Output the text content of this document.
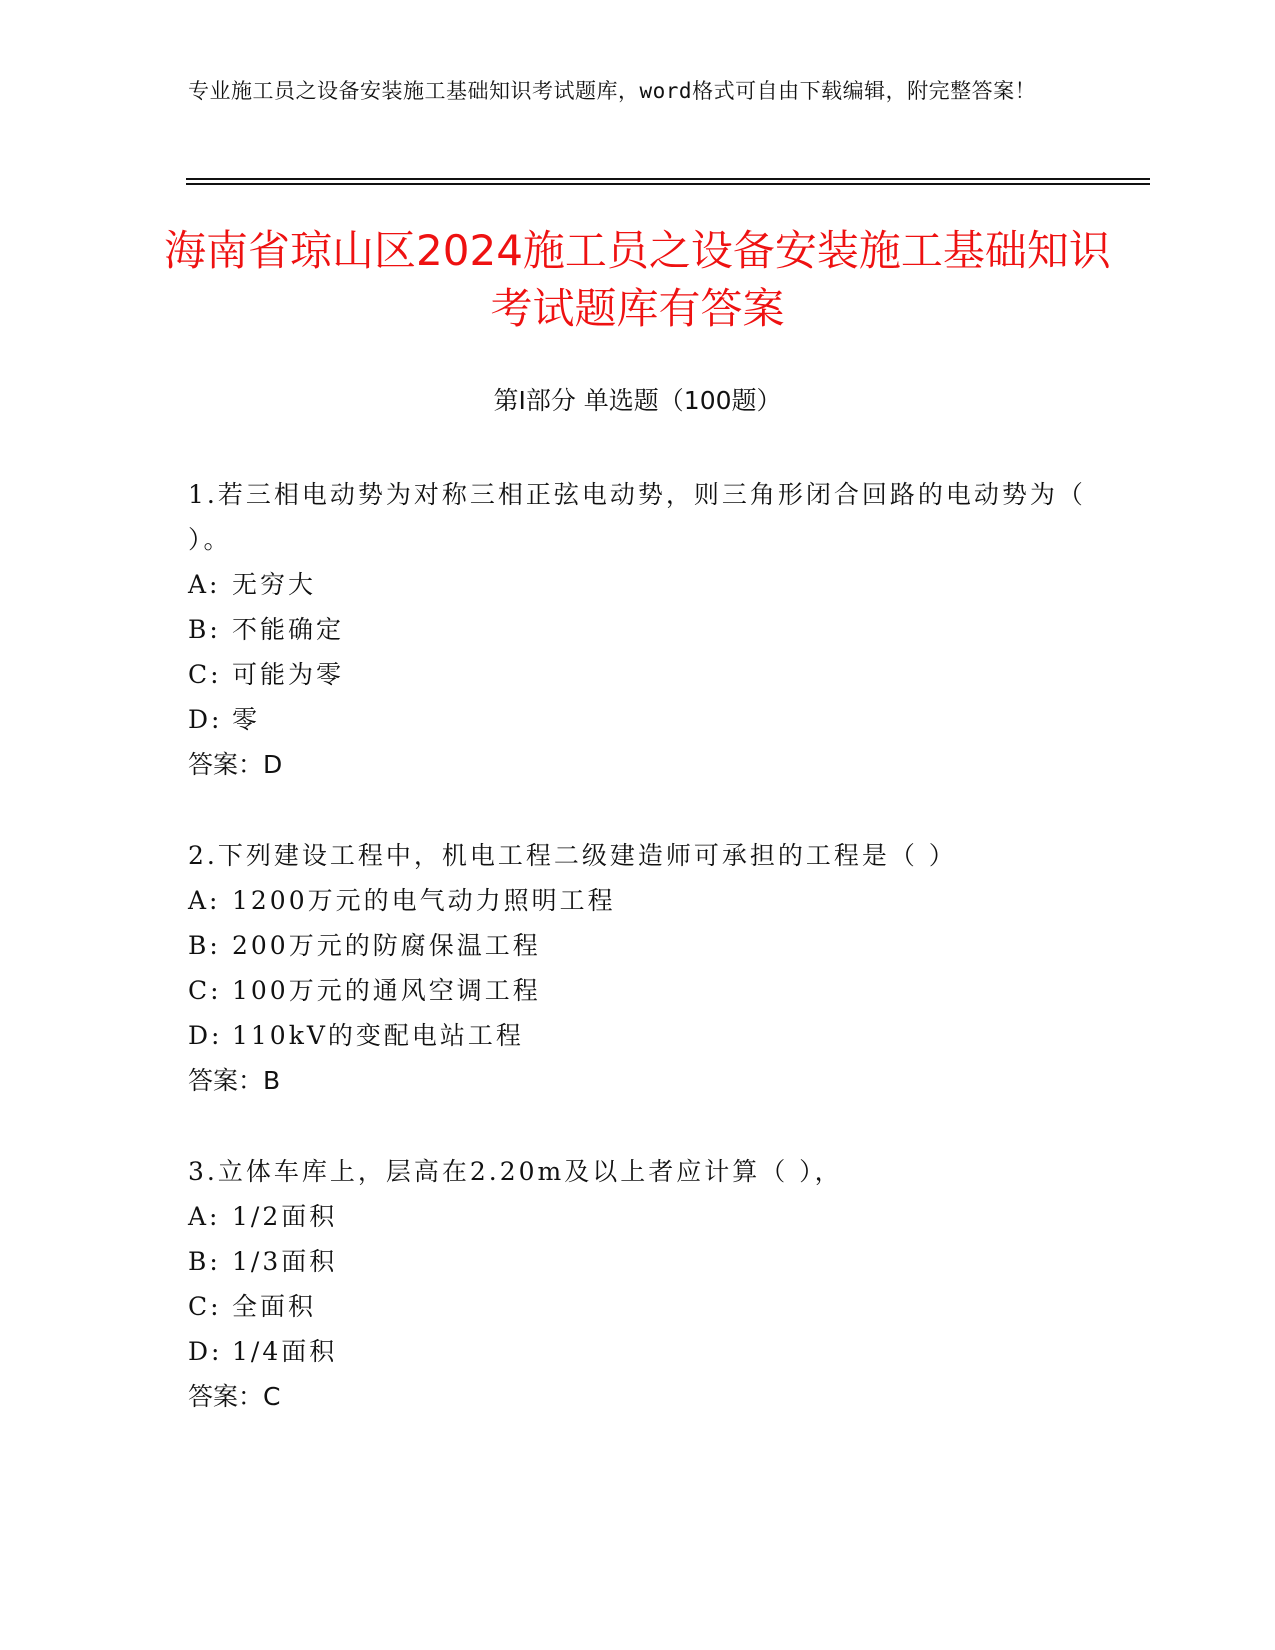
专业施工员之设备安装施工基础知识考试题库，word格式可自由下载编辑，附完整答案！
海南省琼山区2024施工员之设备安装施工基础知识考试题库有答案
第Ⅰ部分 单选题（100题）
1.若三相电动势为对称三相正弦电动势，则三角形闭合回路的电动势为（ ）。
A: 无穷大
B: 不能确定
C: 可能为零
D: 零
答案：D
2.下列建设工程中，机电工程二级建造师可承担的工程是（ ）
A: 1200万元的电气动力照明工程
B: 200万元的防腐保温工程
C: 100万元的通风空调工程
D: 110kV的变配电站工程
答案：B
3.立体车库上，层高在2.20m及以上者应计算（ ），
A: 1/2面积
B: 1/3面积
C: 全面积
D: 1/4面积
答案：C
